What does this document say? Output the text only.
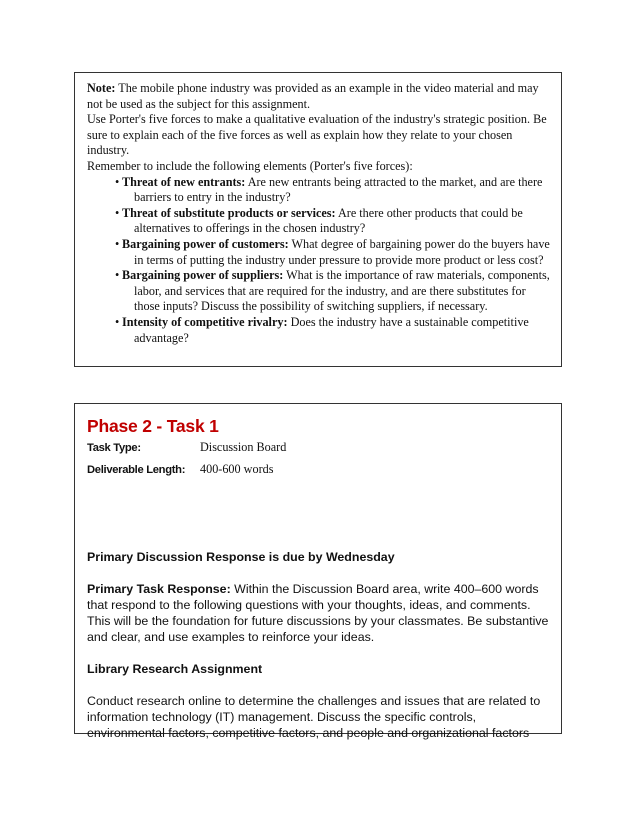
Note: The mobile phone industry was provided as an example in the video material and may not be used as the subject for this assignment.

Use Porter's five forces to make a qualitative evaluation of the industry's strategic position. Be sure to explain each of the five forces as well as explain how they relate to your chosen industry.

Remember to include the following elements (Porter's five forces):

• Threat of new entrants: Are new entrants being attracted to the market, and are there barriers to entry in the industry?
• Threat of substitute products or services: Are there other products that could be alternatives to offerings in the chosen industry?
• Bargaining power of customers: What degree of bargaining power do the buyers have in terms of putting the industry under pressure to provide more product or less cost?
• Bargaining power of suppliers: What is the importance of raw materials, components, labor, and services that are required for the industry, and are there substitutes for those inputs? Discuss the possibility of switching suppliers, if necessary.
• Intensity of competitive rivalry: Does the industry have a sustainable competitive advantage?
Phase 2 - Task 1
Task Type:	Discussion Board
Deliverable Length:	400-600 words

Primary Discussion Response is due by Wednesday

Primary Task Response: Within the Discussion Board area, write 400–600 words that respond to the following questions with your thoughts, ideas, and comments. This will be the foundation for future discussions by your classmates. Be substantive and clear, and use examples to reinforce your ideas.

Library Research Assignment

Conduct research online to determine the challenges and issues that are related to information technology (IT) management. Discuss the specific controls, environmental factors, competitive factors, and people and organizational factors
